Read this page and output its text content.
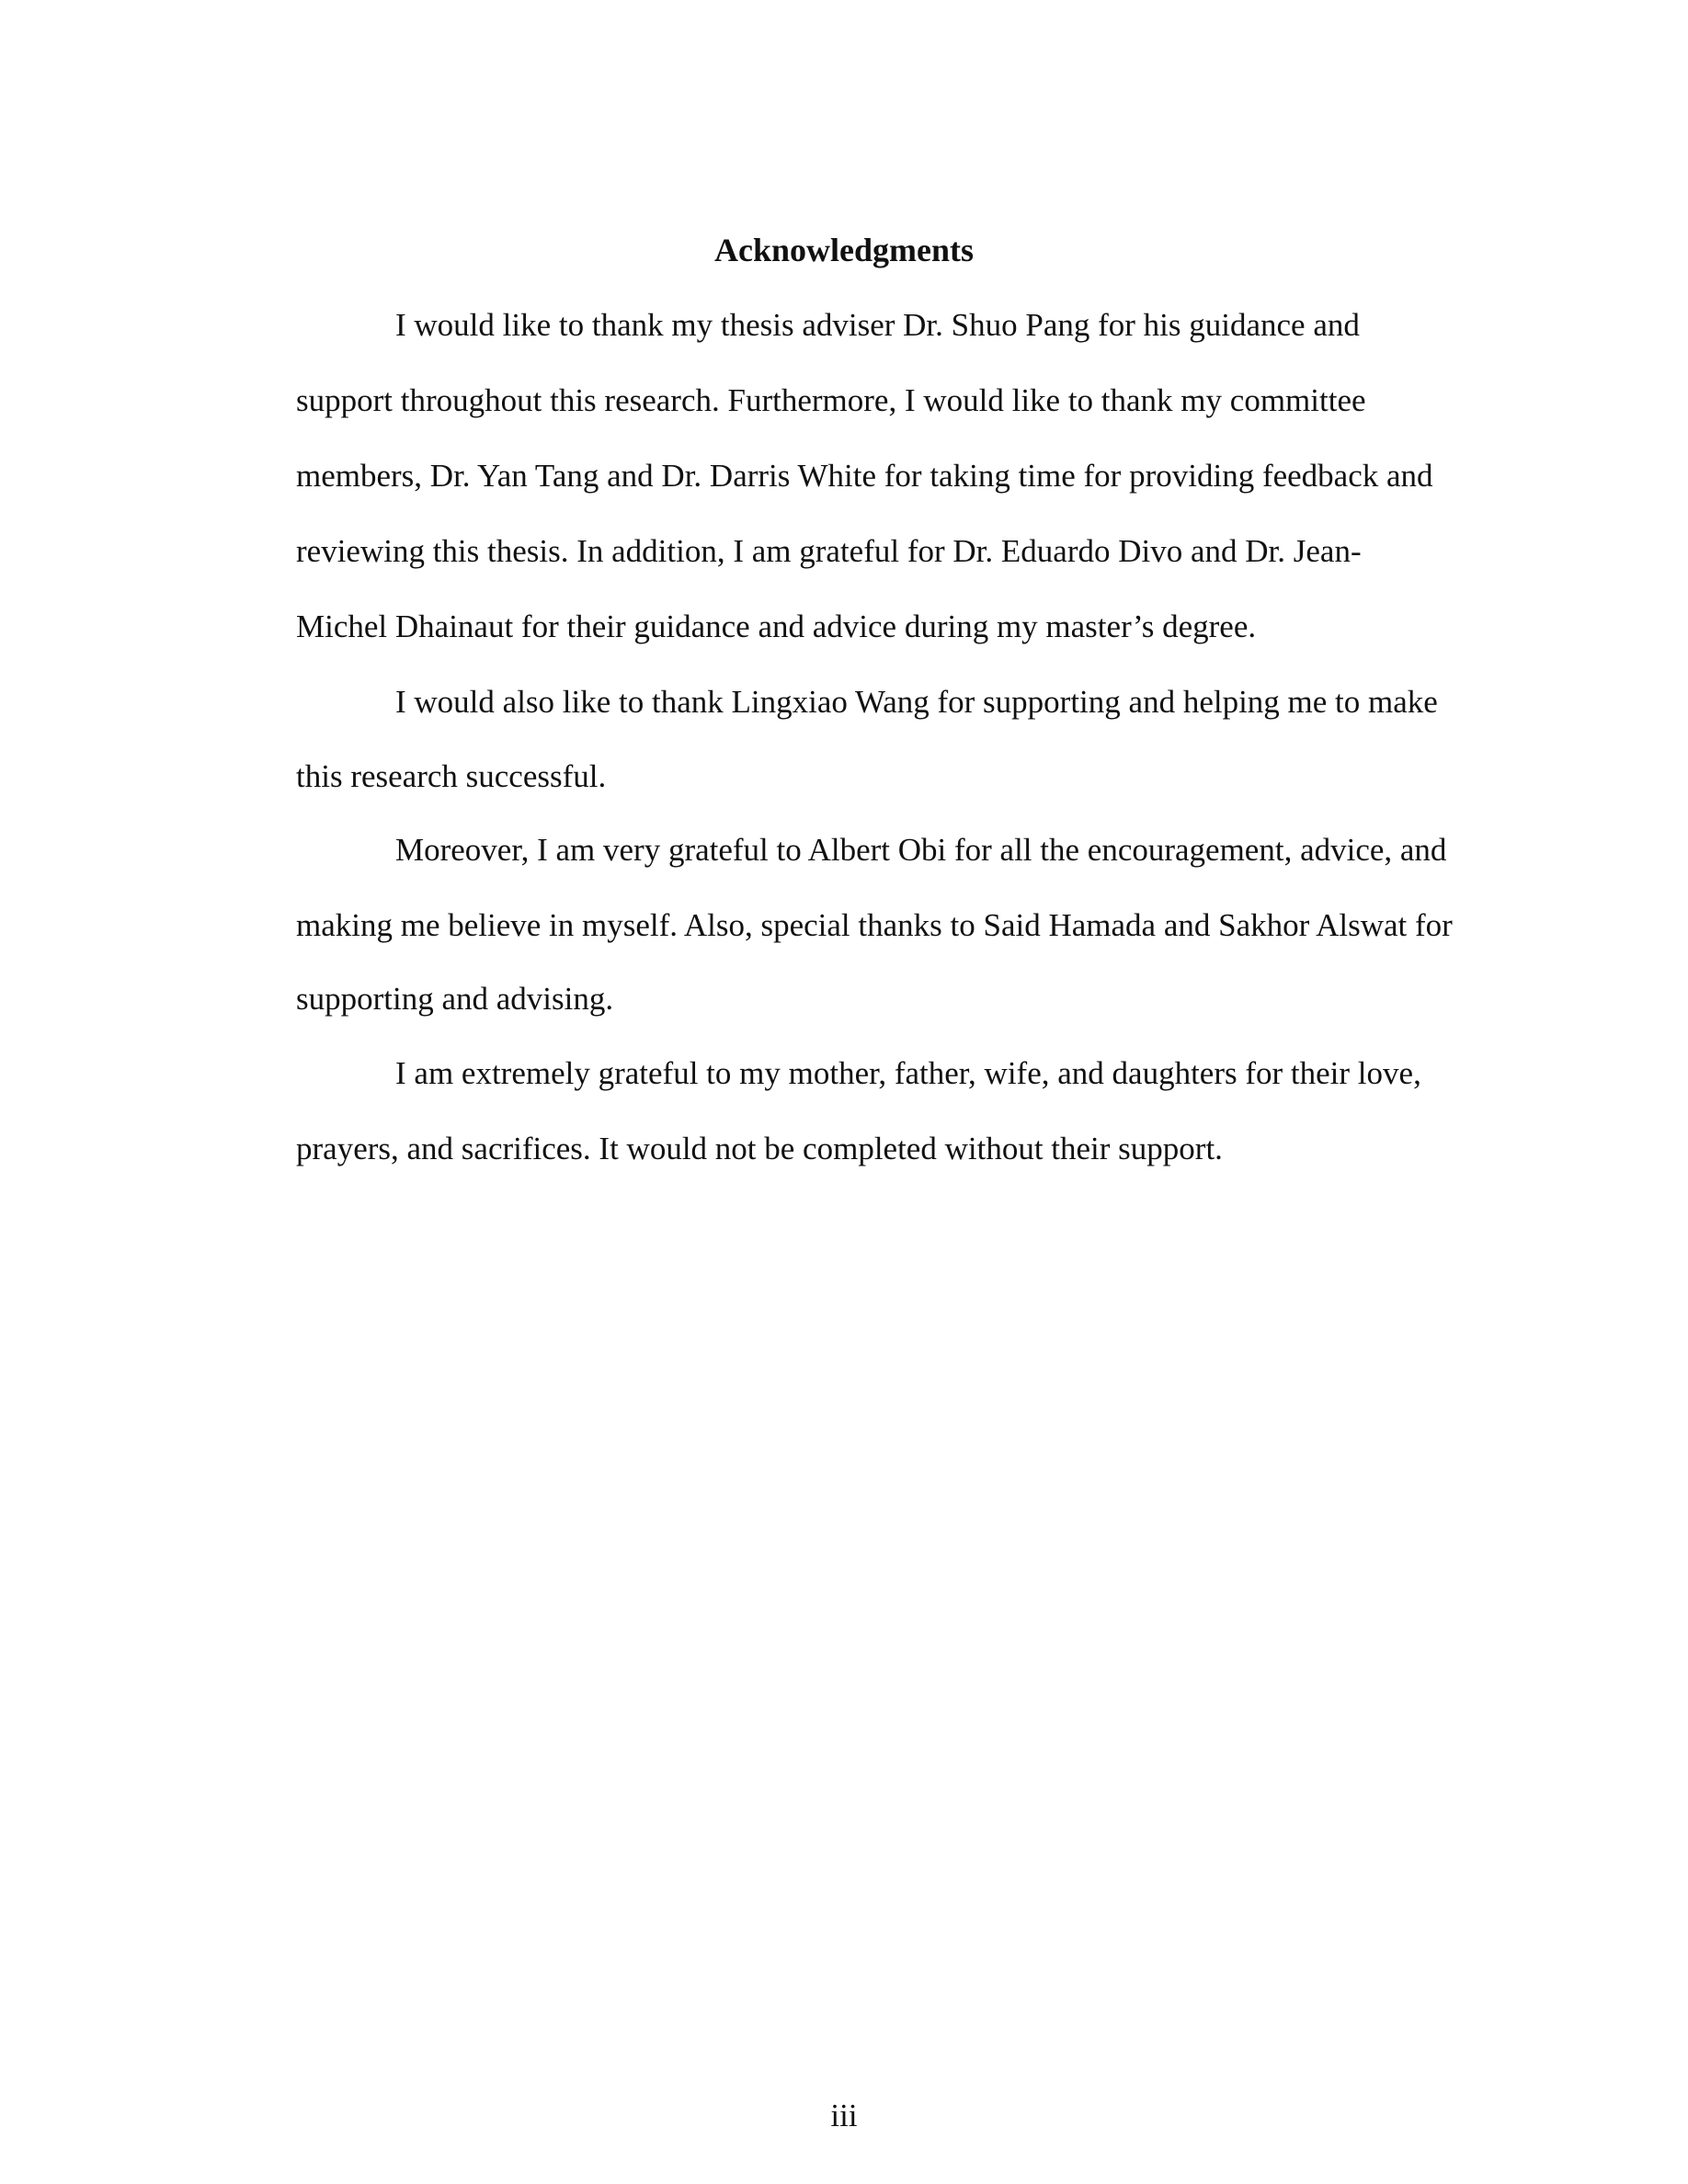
Acknowledgments

I would like to thank my thesis adviser Dr. Shuo Pang for his guidance and

support throughout this research. Furthermore, I would like to thank my committee

members, Dr. Yan Tang and Dr. Darris White for taking time for providing feedback and

reviewing this thesis. In addition, I am grateful for Dr. Eduardo Divo and Dr. Jean-

Michel Dhainaut for their guidance and advice during my master’s degree.

I would also like to thank Lingxiao Wang for supporting and helping me to make

this research successful.

Moreover, I am very grateful to Albert Obi for all the encouragement, advice, and

making me believe in myself. Also, special thanks to Said Hamada and Sakhor Alswat for

supporting and advising.

I am extremely grateful to my mother, father, wife, and daughters for their love,

prayers, and sacrifices. It would not be completed without their support.

iii
